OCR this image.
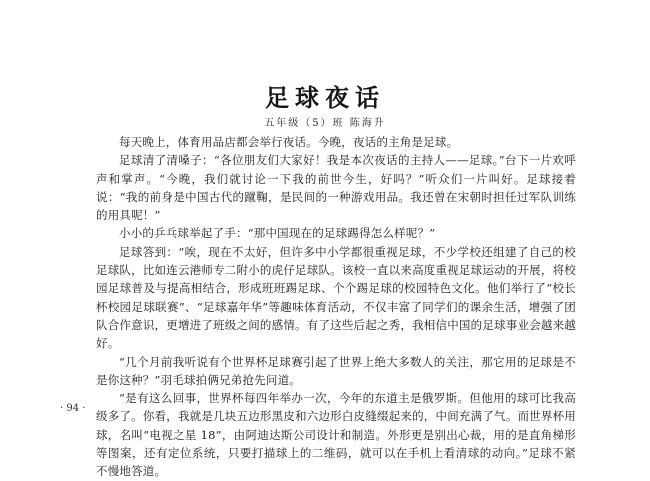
足球夜话
五年级（5）班 陈海升

每天晚上，体育用品店都会举行夜话。今晚，夜话的主角是足球。

足球清了清嗓子：“各位朋友们大家好！我是本次夜话的主持人——足球。”台下一片欢呼声和掌声。“今晚，我们就讨论一下我的前世今生，好吗？”听众们一片叫好。足球接着说：“我的前身是中国古代的蹴鞠，是民间的一种游戏用品。我还曾在宋朝时担任过军队训练的用具呢！”

小小的乒乓球举起了手：“那中国现在的足球踢得怎么样呢？”

足球答到：“唉，现在不太好，但许多中小学都很重视足球，不少学校还组建了自己的校足球队，比如连云港师专二附小的虎仔足球队。该校一直以来高度重视足球运动的开展，将校园足球普及与提高相结合，形成班班踢足球、个个踢足球的校园特色文化。他们举行了“校长杯校园足球联赛”、“足球嘉年华”等趣味体育活动，不仅丰富了同学们的课余生活，增强了团队合作意识，更增进了班级之间的感情。有了这些后起之秀，我相信中国的足球事业会越来越好。

“几个月前我听说有个世界杯足球赛引起了世界上绝大多数人的关注，那它用的足球是不是你这种？”羽毛球拍俩兄弟抢先问道。

“是有这么回事，世界杯每四年举办一次，今年的东道主是俄罗斯。但他用的球可比我高级多了。你看，我就是几块五边形黑皮和六边形白皮缝缀起来的，中间充满了气。而世界杯用球，名叫“电视之星 18”，由阿迪达斯公司设计和制造。外形更是别出心裁，用的是直角梯形等图案，还有定位系统，只要打描球上的二维码，就可以在手机上看清球的动向。”足球不紧不慢地答道。

· 94 ·
